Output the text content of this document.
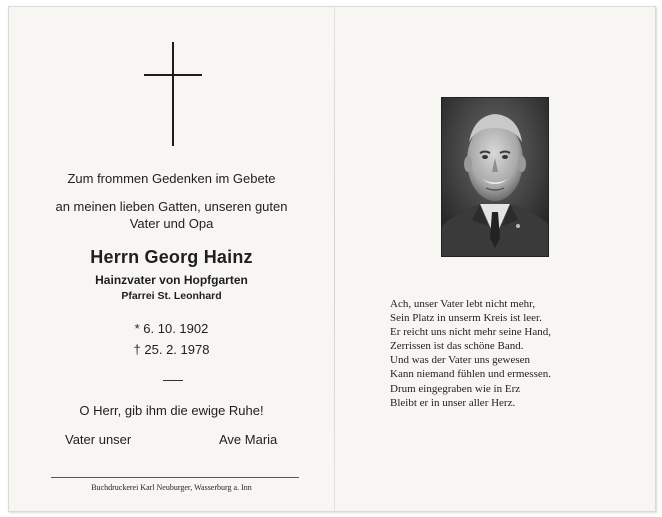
Zum frommen Gedenken im Gebete
an meinen lieben Gatten, unseren guten
Vater und Opa
Herrn Georg Hainz
Hainzvater von Hopfgarten
Pfarrei St. Leonhard
* 6. 10. 1902
† 25. 2. 1978
O Herr, gib ihm die ewige Ruhe!
Vater unser	Ave Maria
Buchdruckerei Karl Neuburger, Wasserburg a. Inn
Ach, unser Vater lebt nicht mehr,
Sein Platz in unserm Kreis ist leer.
Er reicht uns nicht mehr seine Hand,
Zerrissen ist das schöne Band.
Und was der Vater uns gewesen
Kann niemand fühlen und ermessen.
Drum eingegraben wie in Erz
Bleibt er in unser aller Herz.
